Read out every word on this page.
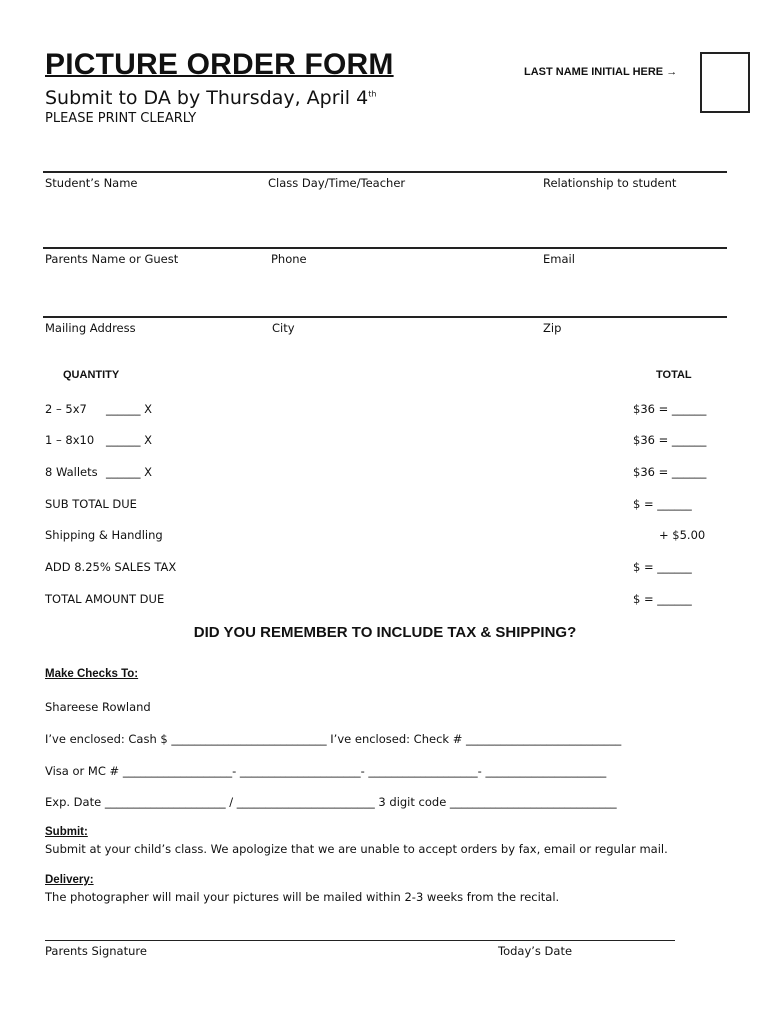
PICTURE ORDER FORM
Submit to DA by Thursday, April 4th
PLEASE PRINT CLEARLY
LAST NAME INITIAL HERE →
Student’s Name	Class Day/Time/Teacher	Relationship to student
Parents Name or Guest	Phone	Email
Mailing Address	City	Zip
QUANTITY	TOTAL
2 – 5x7 ______ X	$36 = ______
1 – 8x10 ______ X	$36 = ______
8 Wallets ______ X	$36 = ______
SUB TOTAL DUE	$ = ______
Shipping & Handling	+ $5.00
ADD 8.25% SALES TAX	$ = ______
TOTAL AMOUNT DUE	$ = ______
DID YOU REMEMBER TO INCLUDE TAX & SHIPPING?
Make Checks To:
Shareese Rowland
I’ve enclosed: Cash $ ___________________________ I’ve enclosed: Check # ___________________________
Visa or MC # ___________________- _____________________- ___________________- _____________________
Exp. Date _____________________ / ________________________ 3 digit code _____________________________
Submit:
Submit at your child’s class. We apologize that we are unable to accept orders by fax, email or regular mail.
Delivery:
The photographer will mail your pictures will be mailed within 2-3 weeks from the recital.
Parents Signature	Today’s Date
